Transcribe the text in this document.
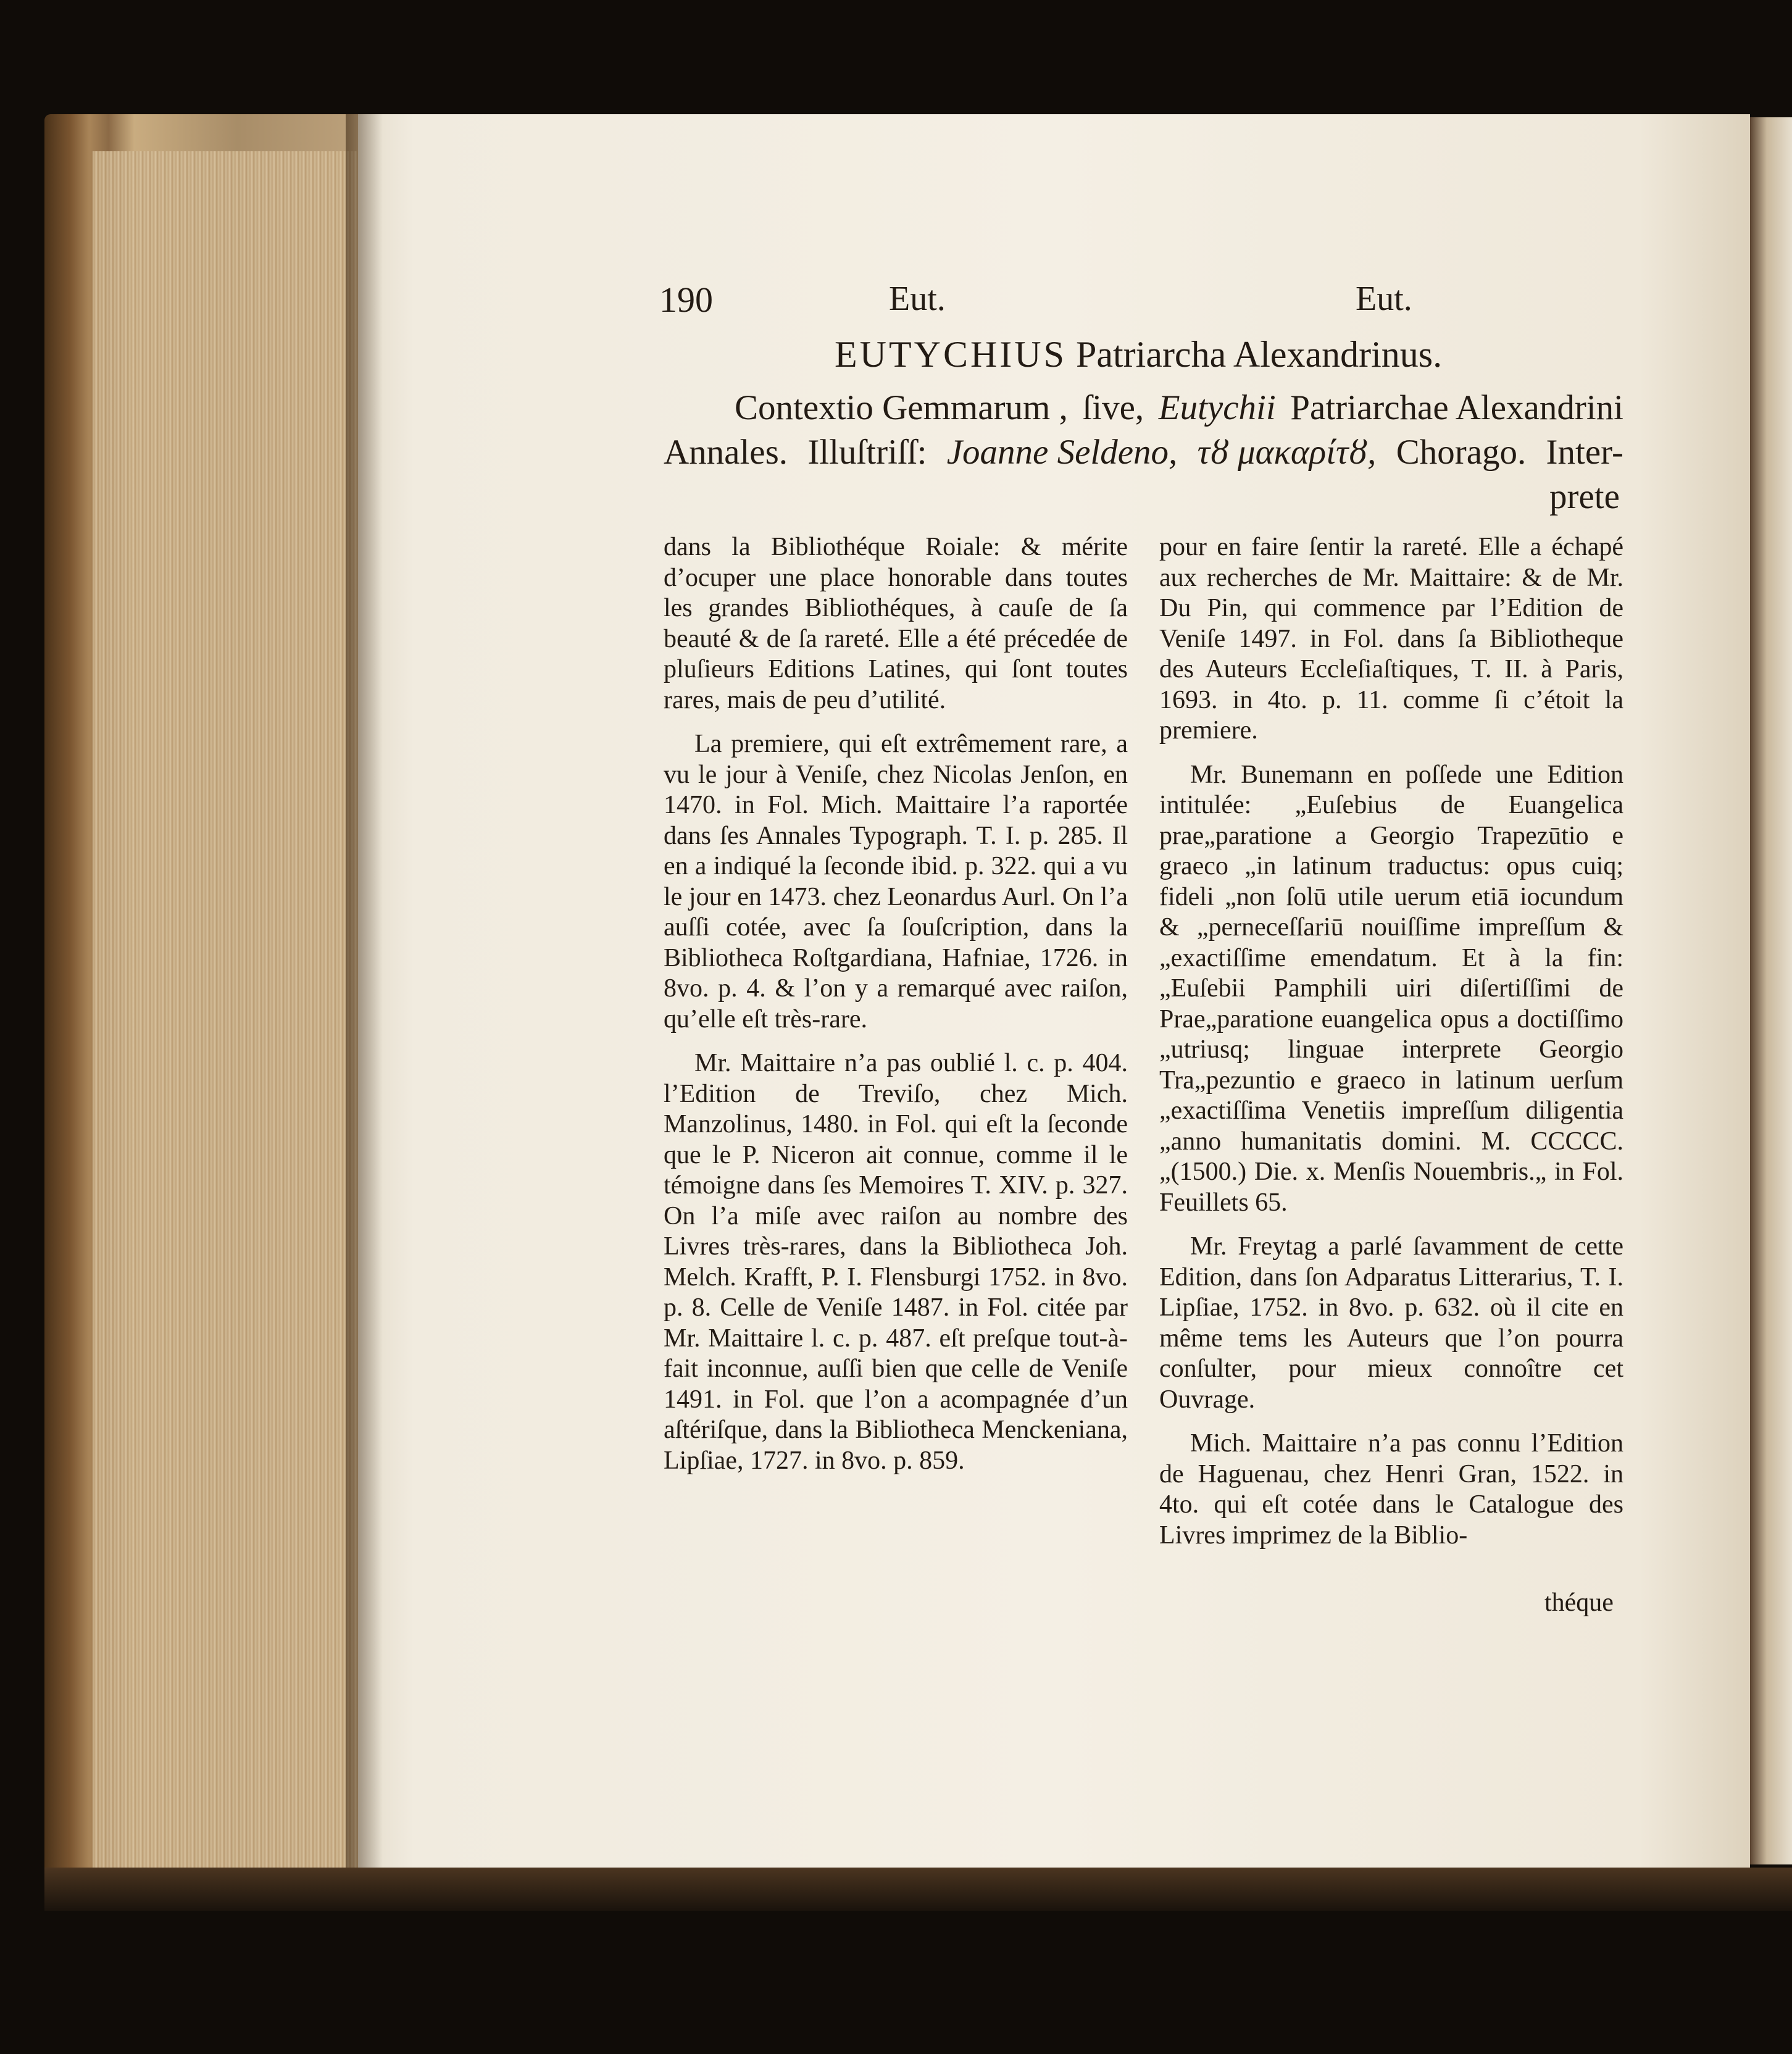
190	Eut.	Eut.
EUTYCHIUS Patriarcha Alexandrinus.
Contextio Gemmarum , ſive, Eutychii Patriarchae Alexandrini
Annales. Illuſtriſſ: Joanne Seldeno, τȣ μακαρίτȣ, Chorago. Inter-
prete

dans la Bibliothéque Roiale: & mérite d’ocuper une place honorable dans toutes les grandes Bibliothéques, à cauſe de ſa beauté & de ſa rareté. Elle a été précedée de pluſieurs Editions Latines, qui ſont toutes rares, mais de peu d’utilité.

La premiere, qui eſt extrêmement rare, a vu le jour à Veniſe, chez Nicolas Jenſon, en 1470. in Fol. Mich. Maittaire l’a raportée dans ſes Annales Typograph. T. I. p. 285. Il en a indiqué la ſeconde ibid. p. 322. qui a vu le jour en 1473. chez Leonardus Aurl. On l’a auſſi cotée, avec ſa ſouſcription, dans la Bibliotheca Roſtgardiana, Hafniae, 1726. in 8vo. p. 4. & l’on y a remarqué avec raiſon, qu’elle eſt très-rare.

Mr. Maittaire n’a pas oublié l. c. p. 404. l’Edition de Treviſo, chez Mich. Manzolinus, 1480. in Fol. qui eſt la ſeconde que le P. Niceron ait connue, comme il le témoigne dans ſes Memoires T. XIV. p. 327. On l’a miſe avec raiſon au nombre des Livres très-rares, dans la Bibliotheca Joh. Melch. Krafft, P. I. Flensburgi 1752. in 8vo. p. 8. Celle de Veniſe 1487. in Fol. citée par Mr. Maittaire l. c. p. 487. eſt preſque tout-à-fait inconnue, auſſi bien que celle de Veniſe 1491. in Fol. que l’on a acompagnée d’un aſtériſque, dans la Bibliotheca Menckeniana, Lipſiae, 1727. in 8vo. p. 859.

pour en faire ſentir la rareté. Elle a échapé aux recherches de Mr. Maittaire: & de Mr. Du Pin, qui commence par l’Edition de Veniſe 1497. in Fol. dans ſa Bibliotheque des Auteurs Eccleſiaſtiques, T. II. à Paris, 1693. in 4to. p. 11. comme ſi c’étoit la premiere.

Mr. Bunemann en poſſede une Edition intitulée: „Euſebius de Euangelica prae„paratione a Georgio Trapezūtio e graeco „in latinum traductus: opus cuiq; fideli „non ſolū utile uerum etiā iocundum & „perneceſſariū nouiſſime impreſſum & „exactiſſime emendatum. Et à la fin: „Euſebii Pamphili uiri diſertiſſimi de Prae„paratione euangelica opus a doctiſſimo „utriusq; linguae interprete Georgio Tra„pezuntio e graeco in latinum uerſum „exactiſſima Venetiis impreſſum diligentia „anno humanitatis domini. M. CCCCC. „(1500.) Die. x. Menſis Nouembris.„ in Fol. Feuillets 65.

Mr. Freytag a parlé ſavamment de cette Edition, dans ſon Adparatus Litterarius, T. I. Lipſiae, 1752. in 8vo. p. 632. où il cite en même tems les Auteurs que l’on pourra conſulter, pour mieux connoître cet Ouvrage.

Mich. Maittaire n’a pas connu l’Edition de Haguenau, chez Henri Gran, 1522. in 4to. qui eſt cotée dans le Catalogue des Livres imprimez de la Biblio-

théque
